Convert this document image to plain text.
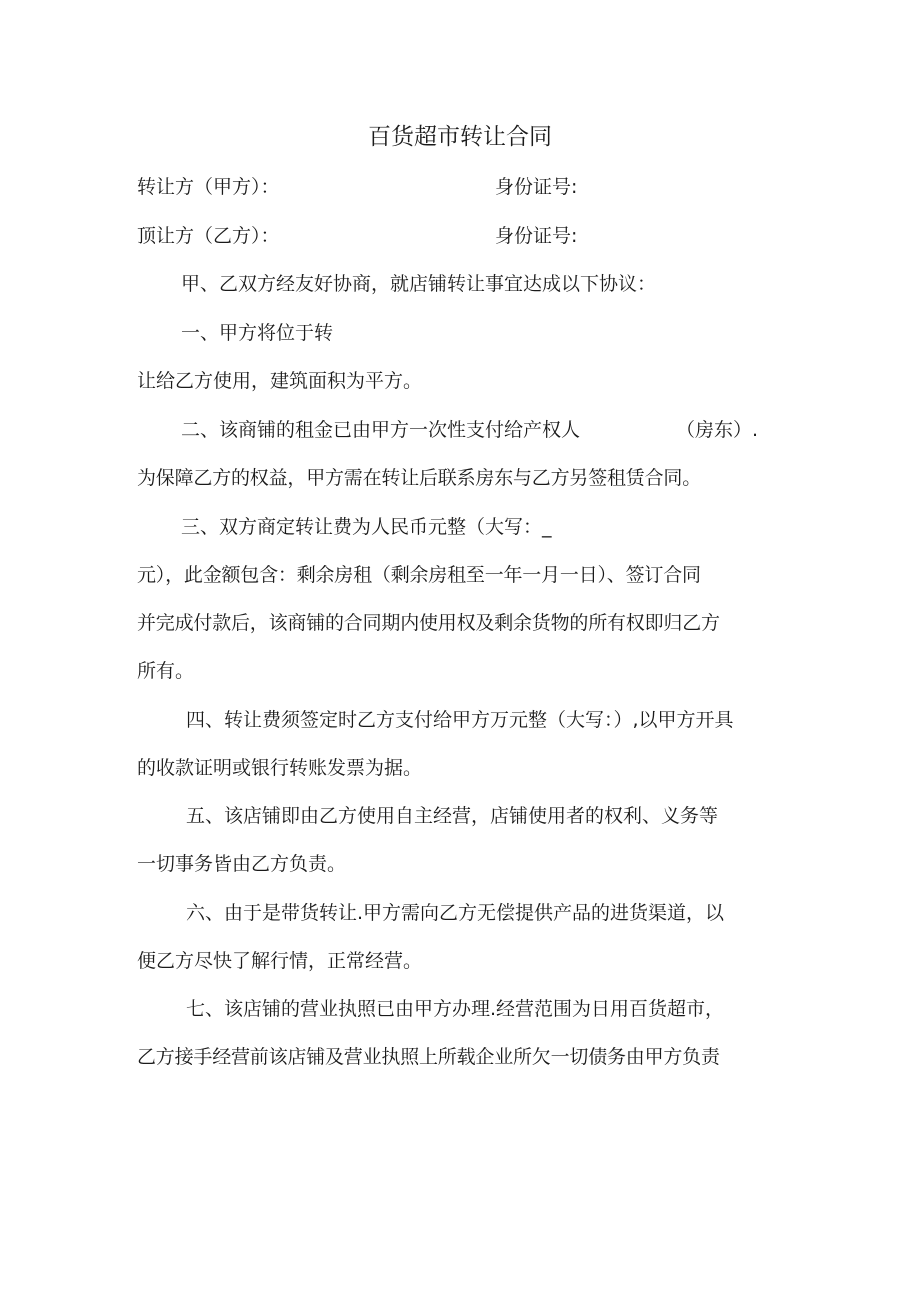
百货超市转让合同
转让方（甲方）：	身份证号:
顶让方（乙方）：	身份证号:
甲、乙双方经友好协商，就店铺转让事宜达成以下协议：
一、甲方将位于转
让给乙方使用，建筑面积为平方。
二、该商铺的租金已由甲方一次性支付给产权人	（房东）.
为保障乙方的权益，甲方需在转让后联系房东与乙方另签租赁合同。
三、双方商定转让费为人民币元整（大写：_
元），此金额包含：剩余房租（剩余房租至一年一月一日）、签订合同
并完成付款后，该商铺的合同期内使用权及剩余货物的所有权即归乙方
所有。
四、转让费须签定时乙方支付给甲方万元整（大写：）,以甲方开具
的收款证明或银行转账发票为据。
五、该店铺即由乙方使用自主经营，店铺使用者的权利、义务等
一切事务皆由乙方负责。
六、由于是带货转让.甲方需向乙方无偿提供产品的进货渠道，以
便乙方尽快了解行情，正常经营。
七、该店铺的营业执照已由甲方办理.经营范围为日用百货超市，
乙方接手经营前该店铺及营业执照上所载企业所欠一切债务由甲方负责
